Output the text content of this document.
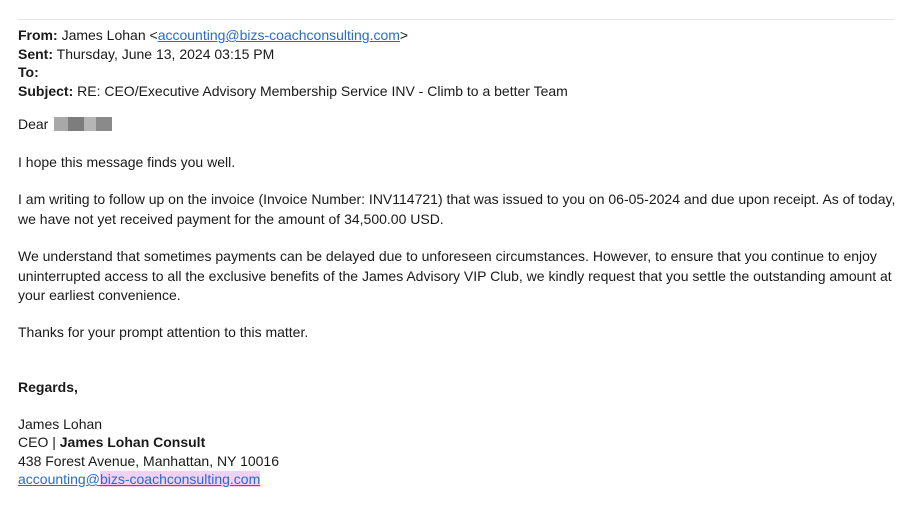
From: James Lohan <accounting@bizs-coachconsulting.com>
Sent: Thursday, June 13, 2024 03:15 PM
To:
Subject: RE: CEO/Executive Advisory Membership Service INV - Climb to a better Team
Dear

I hope this message finds you well.

I am writing to follow up on the invoice (Invoice Number: INV114721) that was issued to you on 06-05-2024 and due upon receipt. As of today, we have not yet received payment for the amount of 34,500.00 USD.

We understand that sometimes payments can be delayed due to unforeseen circumstances. However, to ensure that you continue to enjoy uninterrupted access to all the exclusive benefits of the James Advisory VIP Club, we kindly request that you settle the outstanding amount at your earliest convenience.

Thanks for your prompt attention to this matter.

Regards,
James Lohan
CEO | James Lohan Consult
438 Forest Avenue, Manhattan, NY 10016
accounting@bizs-coachconsulting.com
